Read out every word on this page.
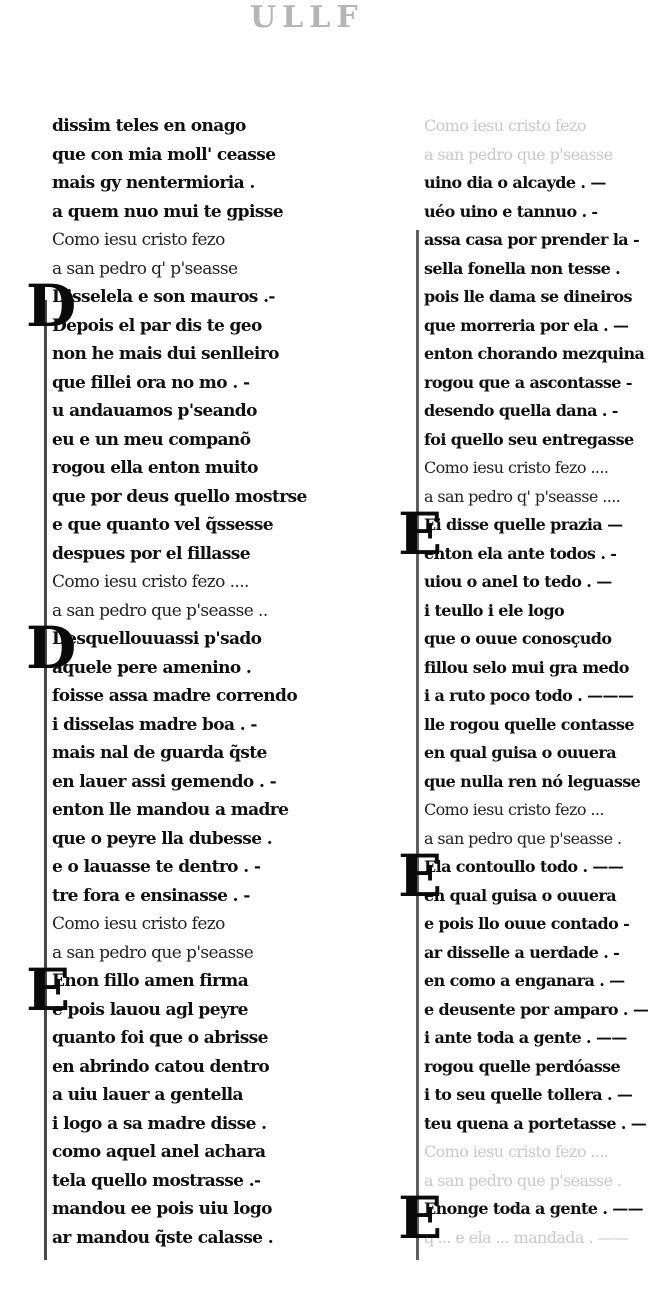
ULLF
dissim teles en onago
que con mia moll' ceasse
mais gy nentermioria .
a quem nuo mui te gpisse
Como iesu cristo fezo
a san pedro q' p'seasse
Disselela e son mauros .-
Depois el par dis te geo
non he mais dui senlleiro
que fillei ora no mo . -
u andauamos p'seando
eu e un meu companõ
rogou ella enton muito
que por deus quello mostrse
e que quanto vel q̃ssesse
despues por el fillasse
Como iesu cristo fezo ....
a san pedro que p'seasse ..
Desquellouuassi p'sado
aquele pere amenino .
foisse assa madre correndo
i disselas madre boa . -
mais nal de guarda q̃ste
en lauer assi gemendo . -
enton lle mandou a madre
que o peyre lla dubesse .
e o lauasse te dentro . -
tre fora e ensinasse . -
Como iesu cristo fezo
a san pedro que p'seasse
Enon fillo amen firma
e pois lauou agl peyre
quanto foi que o abrisse
en abrindo catou dentro
a uiu lauer a gentella
i logo a sa madre disse .
como aquel anel achara
tela quello mostrasse .-
mandou ee pois uiu logo
ar mandou q̃ste calasse .
Como iesu cristo fezo
a san pedro que p'seasse
uino dia o alcayde . —
uéo uino e tannuo . -
assa casa por prender la -
sella fonella non tesse .
pois lle dama se dineiros
que morreria por ela . —
enton chorando mezquina
rogou que a ascontasse -
desendo quella dana . -
foi quello seu entregasse
Como iesu cristo fezo ....
a san pedro q' p'seasse ....
Ei disse quelle prazia —
enton ela ante todos . -
uiou o anel to tedo . —
i teullo i ele logo
que o ouue conosçudo
fillou selo mui gra medo
i a ruto poco todo . ———
lle rogou quelle contasse
en qual guisa o ouuera
que nulla ren nó leguasse
Como iesu cristo fezo ...
a san pedro que p'seasse .
Ela contoullo todo . ——
en qual guisa o ouuera
e pois llo ouue contado -
ar disselle a uerdade . -
en como a enganara . —
e deusente por amparo . —
i ante toda a gente . ——
rogou quelle perdóasse
i to seu quelle tollera . —
teu quena a portetasse . —
Como iesu cristo fezo ....
a san pedro que p'seasse .
Enonge toda a gente . ——
q'... e ela ... mandada . ——
D
D
E
E
E
E
